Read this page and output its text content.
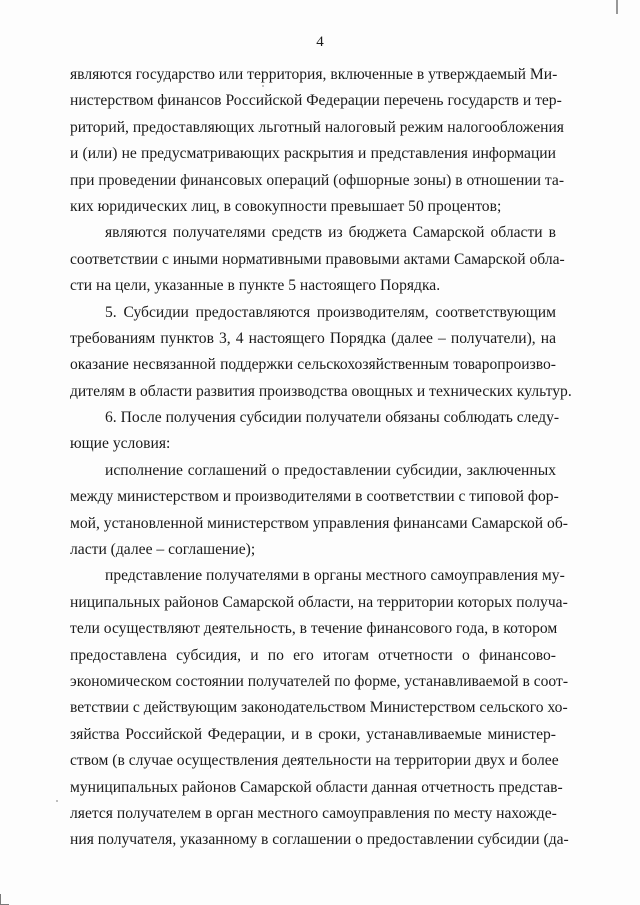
4
являются государство или территория, включенные в утверждаемый Ми-
нистерством финансов Российской Федерации перечень государств и тер-
риторий, предоставляющих льготный налоговый режим налогообложения
и (или) не предусматривающих раскрытия и представления информации
при проведении финансовых операций (офшорные зоны) в отношении та-
ких юридических лиц, в совокупности превышает 50 процентов;
являются получателями средств из бюджета Самарской области в
соответствии с иными нормативными правовыми актами Самарской обла-
сти на цели, указанные в пункте 5 настоящего Порядка.
5. Субсидии предоставляются производителям, соответствующим
требованиям пунктов 3, 4 настоящего Порядка (далее – получатели), на
оказание несвязанной поддержки сельскохозяйственным товаропроизво-
дителям в области развития производства овощных и технических культур.
6. После получения субсидии получатели обязаны соблюдать следу-
ющие условия:
исполнение соглашений о предоставлении субсидии, заключенных
между министерством и производителями в соответствии с типовой фор-
мой, установленной министерством управления финансами Самарской об-
ласти (далее – соглашение);
представление получателями в органы местного самоуправления му-
ниципальных районов Самарской области, на территории которых получа-
тели осуществляют деятельность, в течение финансового года, в котором
предоставлена субсидия, и по его итогам отчетности о финансово-
экономическом состоянии получателей по форме, устанавливаемой в соот-
ветствии с действующим законодательством Министерством сельского хо-
зяйства Российской Федерации, и в сроки, устанавливаемые министер-
ством (в случае осуществления деятельности на территории двух и более
муниципальных районов Самарской области данная отчетность представ-
ляется получателем в орган местного самоуправления по месту нахожде-
ния получателя, указанному в соглашении о предоставлении субсидии (да-
